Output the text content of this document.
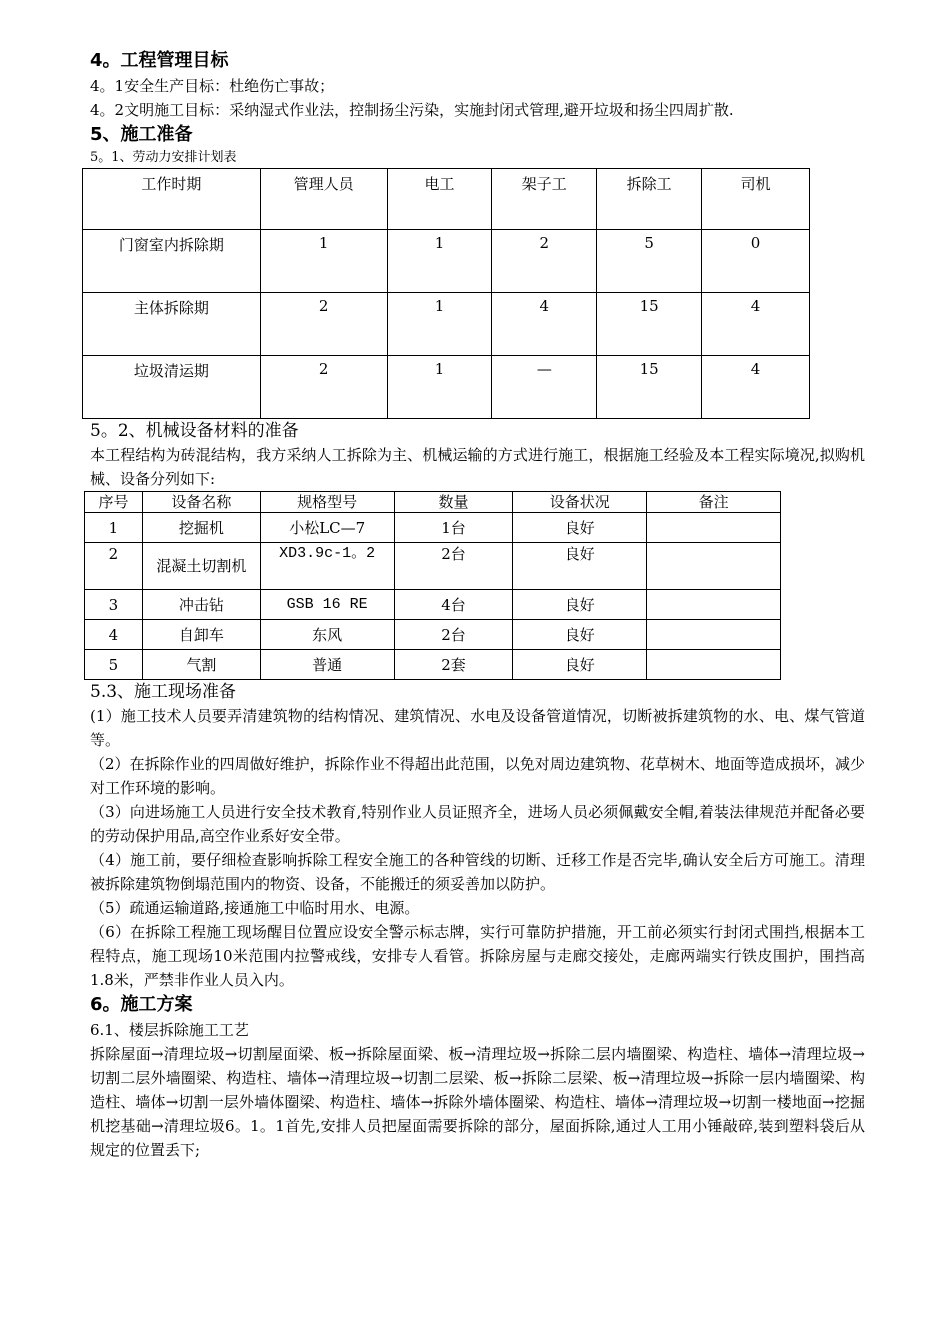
4。工程管理目标

4。1安全生产目标：杜绝伤亡事故；

4。2文明施工目标：采纳湿式作业法，控制扬尘污染，实施封闭式管理,避开垃圾和扬尘四周扩散.

5、施工准备

5。1、劳动力安排计划表

工作时期	管理人员	电工	架子工	拆除工	司机
门窗室内拆除期	1	1	2	5	0
主体拆除期	2	1	4	15	4
垃圾清运期	2	1	—	15	4

5。2、机械设备材料的准备

本工程结构为砖混结构，我方采纳人工拆除为主、机械运输的方式进行施工，根据施工经验及本工程实际境况,拟购机械、设备分列如下:

序号	设备名称	规格型号	数量	设备状况	备注
1	挖掘机	小松LC—7	1台	良好	
2	混凝土切割机	XD3.9c-1。2	2台	良好	
3	冲击钻	GSB 16 RE	4台	良好	
4	自卸车	东风	2台	良好	
5	气割	普通	2套	良好	

5.3、施工现场准备

(1）施工技术人员要弄清建筑物的结构情况、建筑情况、水电及设备管道情况，切断被拆建筑物的水、电、煤气管道等。

（2）在拆除作业的四周做好维护，拆除作业不得超出此范围，以免对周边建筑物、花草树木、地面等造成损坏，减少对工作环境的影响。

（3）向进场施工人员进行安全技术教育,特别作业人员证照齐全，进场人员必须佩戴安全帽,着装法律规范并配备必要的劳动保护用品,高空作业系好安全带。

（4）施工前，要仔细检查影响拆除工程安全施工的各种管线的切断、迁移工作是否完毕,确认安全后方可施工。清理被拆除建筑物倒塌范围内的物资、设备，不能搬迁的须妥善加以防护。

（5）疏通运输道路,接通施工中临时用水、电源。

（6）在拆除工程施工现场醒目位置应设安全警示标志牌，实行可靠防护措施，开工前必须实行封闭式围挡,根据本工程特点，施工现场10米范围内拉警戒线，安排专人看管。拆除房屋与走廊交接处，走廊两端实行铁皮围护，围挡高1.8米，严禁非作业人员入内。

6。施工方案

6.1、楼层拆除施工工艺

拆除屋面→清理垃圾→切割屋面梁、板→拆除屋面梁、板→清理垃圾→拆除二层内墙圈梁、构造柱、墙体→清理垃圾→切割二层外墙圈梁、构造柱、墙体→清理垃圾→切割二层梁、板→拆除二层梁、板→清理垃圾→拆除一层内墙圈梁、构造柱、墙体→切割一层外墙体圈梁、构造柱、墙体→拆除外墙体圈梁、构造柱、墙体→清理垃圾→切割一楼地面→挖掘机挖基础→清理垃圾6。1。1首先,安排人员把屋面需要拆除的部分，屋面拆除,通过人工用小锤敲碎,装到塑料袋后从规定的位置丢下;
